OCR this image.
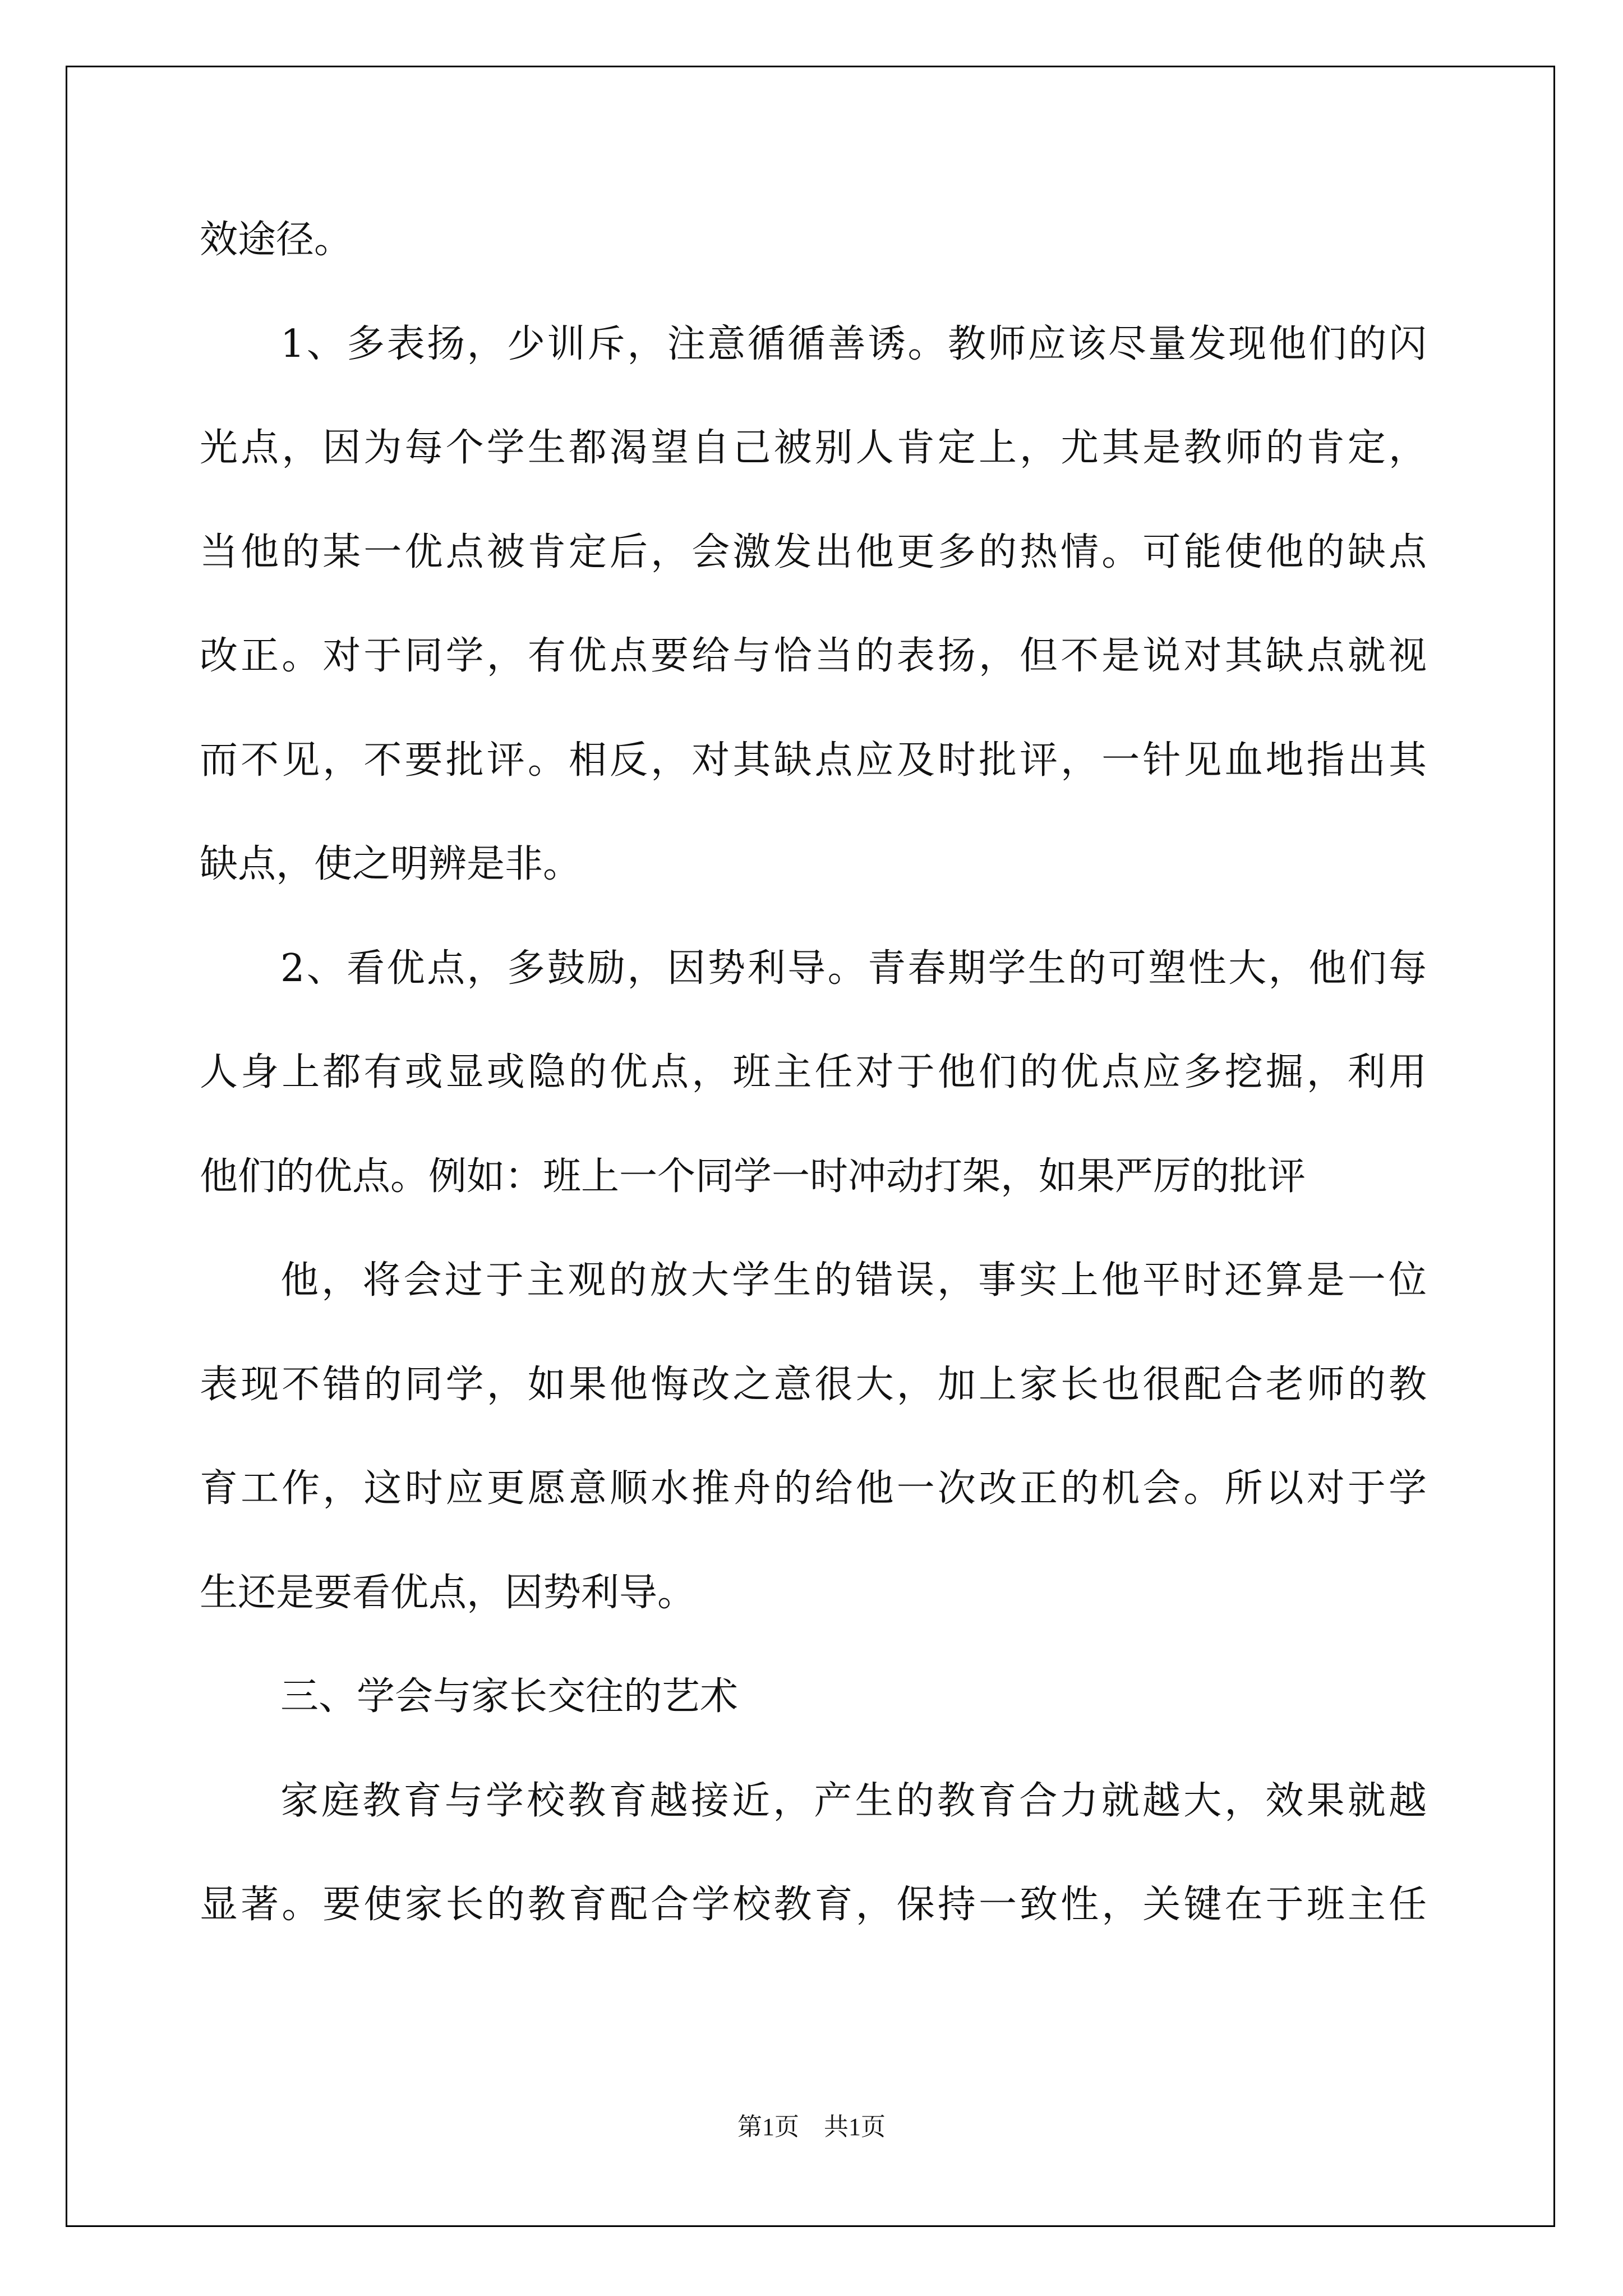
效途径。
1、多表扬，少训斥，注意循循善诱。教师应该尽量发现他们的闪
光点，因为每个学生都渴望自己被别人肯定上，尤其是教师的肯定，
当他的某一优点被肯定后，会激发出他更多的热情。可能使他的缺点
改正。对于同学，有优点要给与恰当的表扬，但不是说对其缺点就视
而不见，不要批评。相反，对其缺点应及时批评，一针见血地指出其
缺点，使之明辨是非。
2、看优点，多鼓励，因势利导。青春期学生的可塑性大，他们每
人身上都有或显或隐的优点，班主任对于他们的优点应多挖掘，利用
他们的优点。例如：班上一个同学一时冲动打架，如果严厉的批评
他，将会过于主观的放大学生的错误，事实上他平时还算是一位
表现不错的同学，如果他悔改之意很大，加上家长也很配合老师的教
育工作，这时应更愿意顺水推舟的给他一次改正的机会。所以对于学
生还是要看优点，因势利导。
三、学会与家长交往的艺术
家庭教育与学校教育越接近，产生的教育合力就越大，效果就越
显著。要使家长的教育配合学校教育，保持一致性，关键在于班主任
第1页　共1页
